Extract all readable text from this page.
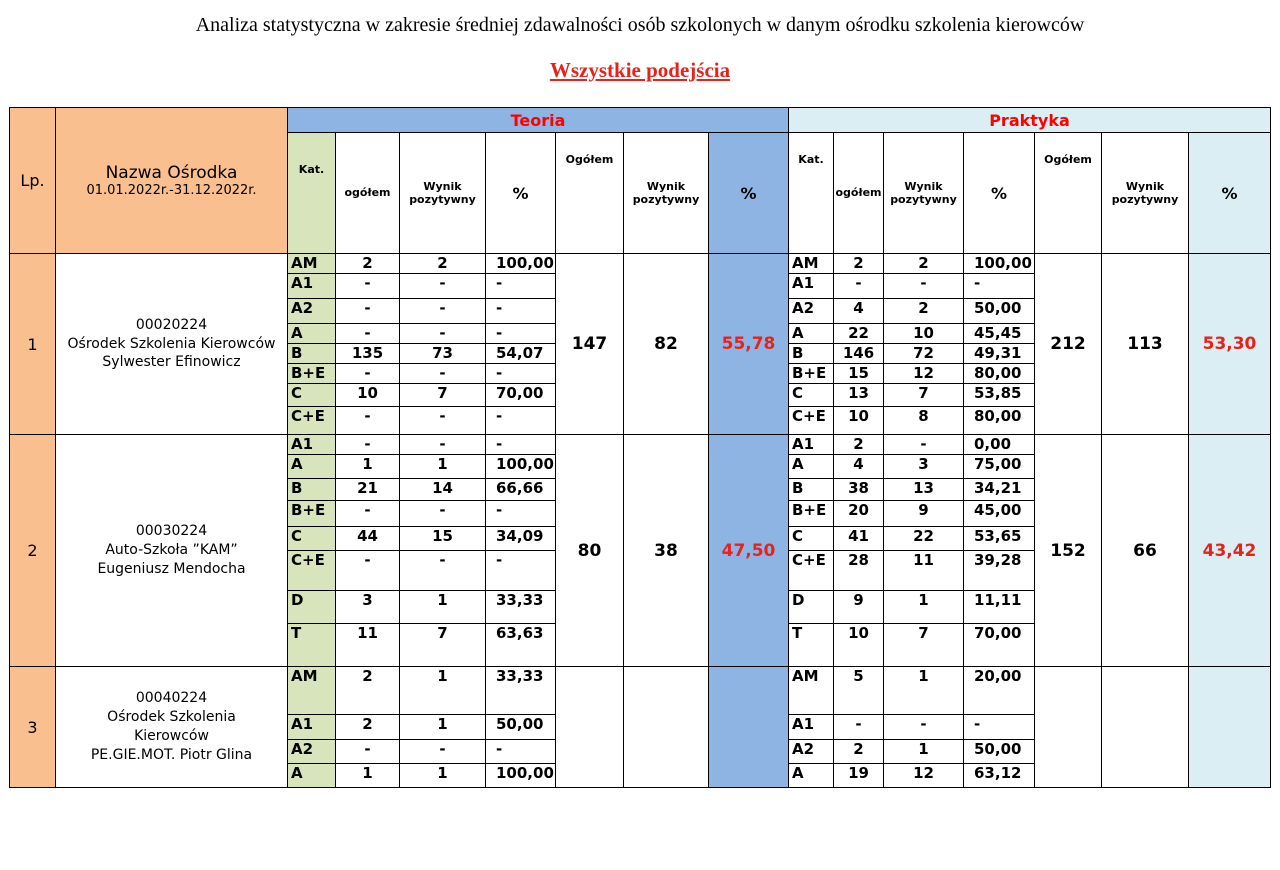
Analiza statystyczna w zakresie średniej zdawalności osób szkolonych w danym ośrodku szkolenia kierowców
Wszystkie podejścia
Lp.	Nazwa Ośrodka
01.01.2022r.-31.12.2022r.	Teoria							Praktyka						
		Kat.	ogółem	Wynik pozytywny	%	Ogółem	Wynik pozytywny	%	Kat.	ogółem	Wynik pozytywny	%	Ogółem	Wynik pozytywny	%
1	00020224
Ośrodek Szkolenia Kierowców Sylwester Efinowicz	AM	2	2	100,00	147	82	55,78	AM	2	2	100,00	212	113	53,30
		A1	-	-	-				A1	-	-	-			
		A2	-	-	-				A2	4	2	50,00			
		A	-	-	-				A	22	10	45,45			
		B	135	73	54,07				B	146	72	49,31			
		B+E	-	-	-				B+E	15	12	80,00			
		C	10	7	70,00				C	13	7	53,85			
		C+E	-	-	-				C+E	10	8	80,00			
2	00030224
Auto-Szkoła ”KAM”
Eugeniusz Mendocha	A1	-	-	-	80	38	47,50	A1	2	-	0,00	152	66	43,42
		A	1	1	100,00				A	4	3	75,00			
		B	21	14	66,66				B	38	13	34,21			
		B+E	-	-	-				B+E	20	9	45,00			
		C	44	15	34,09				C	41	22	53,65			
		C+E	-	-	-				C+E	28	11	39,28			
		D	3	1	33,33				D	9	1	11,11			
		T	11	7	63,63				T	10	7	70,00			
3	00040224
Ośrodek Szkolenia
Kierowców
PE.GIE.MOT. Piotr Glina	AM	2	1	33,33				AM	5	1	20,00			
		A1	2	1	50,00				A1	-	-	-			
		A2	-	-	-				A2	2	1	50,00			
		A	1	1	100,00				A	19	12	63,12			
